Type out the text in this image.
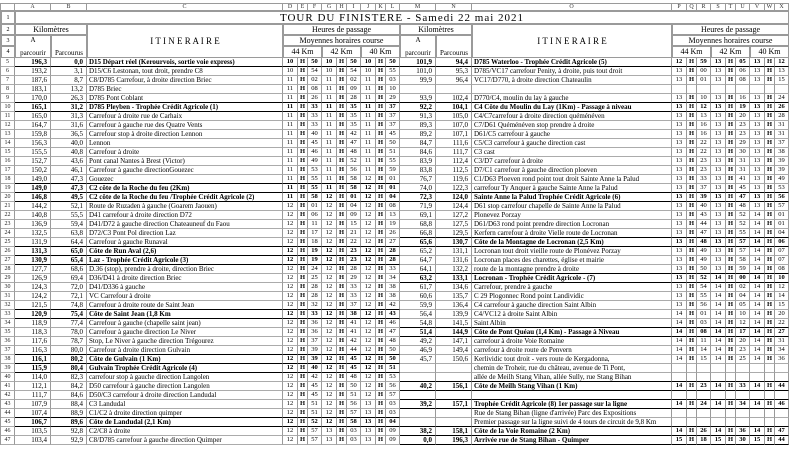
A	B	C	D	E	F	G	H	I	J	K	L	M	N	O	P	Q	R	S	T	U	V	W	X
1
2
3
4
TOUR DU FINISTERE - Samedi 22 mai 2021
Kilomètres
I T I N E R A I R E
Heures de passage
Moyennes horaires course
A
parcourir	Parcourus	44 Km	42 Km	40 Km
Kilomètres
I T I N E R A I R E
Heures de passage
Moyennes horaires course
A
parcourir	Parcourus	44 Km	42 Km	40 Km
5	196,3	0,0 D15 Départ réel (Kerourvois, sortie voie express)	10	H 50	10	H 50	10	H 50	101,9	94,4 D785 Waterloo - Trophée Crédit Agricole (5)	12	H 59	13	H 05	13	H 12
6	193,2	3,1 D15/C6 Lestonan, tout droit, prendre C8	10	H 54	10	H 54	10	H 55	101,0	95,3 D785/VC17 carrefour Penity, à droite, puis tout droit	13	H 00	13	H 06	13	H 13
7	187,6	8,7 C8/D785 Carrefour, à droite direction Briec	11	H 02	11	H 02	11	H 03	99,9	96,4 VC17/D770, à droite direction Chateaulin	13	H 01	13	H 08	13	H 15
8	183,1	13,2 D785 Briec	11	H 08	11	H 09	11	H 10
9	170,0	26,3 D785 Pont Coblant	11	H 26	11	H 28	11	H 29	93,9	102,4 D770/C4, moulin du lay à gauche	13	H 10	13	H 16	13	H 24
10	165,1	31,2 D785 Pleyben - Trophée Crédit Agricole (1)	11	H 33	11	H 35	11	H 37	92,2	104,1 C4 Côte du Moulin du Lay (1Km) - Passage à niveau	13	H 12	13	H 19	13	H 26
11	165,0	31,3 Carrefour à droite rue de Carhaix	11	H 33	11	H 35	11	H 37	91,3	105,0 C4/C7carrefour à droite direction quéménéven	13	H 13	13	H 20	13	H 28
12	164,7	31,6 Carrefour à gauche rue des Quatre Vents	11	H 33	11	H 35	11	H 37	89,3	107,0 C7/D61 Quéménéven stop prendre à droite	13	H 16	13	H 23	13	H 31
13	159,8	36,5 Carrefour stop à droite direction Lennon	11	H 40	11	H 42	11	H 45	89,2	107,1 D61/C5 carrefour à gauche	13	H 16	13	H 23	13	H 31
14	156,3	40,0 Lennon	11	H 45	11	H 47	11	H 50	84,7	111,6 C5/C3 carrefour à gauche direction cast	13	H 22	13	H 29	13	H 37
15	155,5	40,8 Carrefour à droite	11	H 46	11	H 48	11	H 51	84,6	111,7 C3 cast	13	H 22	13	H 30	13	H 38
16	152,7	43,6 Pont canal Nantes à Brest (Victor)	11	H 49	11	H 52	11	H 55	83,9	112,4 C3/D7 carrefour à droite	13	H 23	13	H 31	13	H 39
17	150,2	46,1 Carrefour à gauche directionGouezec	11	H 53	11	H 56	11	H 59	83,8	112,5 D7/C1 carrefour à gauche direction ploeven	13	H 23	13	H 31	13	H 39
18	149,0	47,3 Gouezec	11	H 55	11	H 58	12	H 01	76,7	119,6 C1/D63 Ploeven rond point tout droit Sainte Anne la Palud	13	H 33	13	H 41	13	H 49
19	149,0	47,3 C2 côte de la Roche du feu (2Km)	11	H 55	11	H 58	12	H 01	74,0	122,3 carrefour Ty Anquer à gauche Sainte Anne la Palud	13	H 37	13	H 45	13	H 53
20	146,8	49,5 C2 côte de la Roche du feu /Trophée Crédit Agricole (2)	11	H 58	12	H 01	12	H 04	72,3	124,0 Sainte Anne la Palud Trophée Crédit Agricole (6)	13	H 39	13	H 47	13	H 56
21	144,2	52,1 Route de Ruzaden à gauche (Goarem Jaouen)	12	H 01	12	H 04	12	H 08	71,9	124,4 D61 stop carrefour chapelle de Sainte Anne la Palud	13	H 40	13	H 48	13	H 57
22	140,8	55,5 D41 carrefour à droite direction D72	12	H 06	12	H 09	12	H 13	69,1	127,2 Plonevez Porzay	13	H 43	13	H 52	14	H 01
23	136,9	59,4 D41/D72 à gauche direction Chateauneuf du Faou	12	H 11	12	H 15	12	H 19	68,8	127,5 D61/D63 rond point prendre direction Locronan	13	H 44	13	H 52	14	H 01
24	132,5	63,8 D72/C3 Pont Pol direction Laz	12	H 17	12	H 21	12	H 26	66,8	129,5 Kerfern carrefour à droite Vielle route de Locronan	13	H 47	13	H 55	14	H 04
25	131,9	64,4 Carrefour à gauche Runaval	12	H 18	12	H 22	12	H 27	65,6	130,7 Côte de la Montagne de Locronan (2,5 Km)	13	H 48	13	H 57	14	H 06
26	131,3	65,0 Côte de Run Aval (2,6)	12	H 19	12	H 23	12	H 28	65,2	131,1 Locronan tout droit vieille route de Plonévez Porzay	13	H 49	13	H 57	14	H 07
27	130,9	65,4 Laz - Trophée Crédit Agricole (3)	12	H 19	12	H 23	12	H 28	64,7	131,6 Locronan places des charettes, église et mairie	13	H 49	13	H 58	14	H 07
28	127,7	68,6 D.36 (stop), prendre à droite, direction Briec	12	H 24	12	H 28	12	H 33	64,1	132,2 route de la montagne prendre à droite	13	H 50	13	H 59	14	H 08
29	126,9	69,4 D36/D41 à droite direction Briec	12	H 25	12	H 29	12	H 34	63,2	133,1 Locronan - Trophée Crédit Agricole - (7)	13	H 52	14	H 00	14	H 10
30	124,3	72,0 D41/D336 à gauche	12	H 28	12	H 33	12	H 38	61,7	134,6 Carrefour, prendre à gauche	13	H 54	14	H 02	14	H 12
31	124,2	72,1 VC Carrefour à droite	12	H 28	12	H 33	12	H 38	60,6	135,7 C 29 Plogonnec Rond point Landividic	13	H 55	14	H 04	14	H 14
32	121,5	74,8 Carrefour à droite route de Saint Jean	12	H 32	12	H 37	12	H 42	59,9	136,4 C4 carrefour à gauche direction Saint Albin	13	H 56	14	H 05	14	H 15
33	120,9	75,4 Côte de Saint Jean (1,8 Km	12	H 33	12	H 38	12	H 43	56,4	139,9 C4/VC12 à droite Saint Albin	14	H 01	14	H 10	14	H 20
34	118,9	77,4 Carrefour à gauche (chapelle saint jean)	12	H 36	12	H 41	12	H 46	54,8	141,5 Saint Albin	14	H 03	14	H 12	14	H 22
35	118,3	78,0 Carrefour à gauche direction Le Niver	12	H 36	12	H 41	12	H 47	51,4	144,9 Côte de Pont Quéau (1,4 Km) - Passage à Niveau	14	H 08	14	H 17	14	H 27
36	117,6	78,7 Stop, Le Niver à gauche direction Trégourez	12	H 37	12	H 42	12	H 48	49,2	147,1 carrefour à droite Voie Romaine	14	H 11	14	H 20	14	H 31
37	116,3	80,0 Carrefour à droite direction Gulvain	12	H 39	12	H 44	12	H 50	46,9	149,4 carrefour à droite route de Penvern	14	H 14	14	H 23	14	H 34
38	116,1	80,2 Côte de Gulvain (1 Km)	12	H 39	12	H 45	12	H 50	45,7	150,6 Kerlividic tout droit - vers route de Kergadonna,	14	H 15	14	H 25	14	H 36
39	115,9	80,4 Gulvain Trophée Crédit Agricole (4)	12	H 40	12	H 45	12	H 51	chemin de Troheir, rue du château, avenue de Ti Pont,
40	114,0	82,3 carrefour stop à gauche direction Langolen	12	H 42	12	H 48	12	H 53	allée de Meilh Stang Vihan, allée Sully, rue Stang Bihan
41	112,1	84,2 D50 carrefour à gauche direction Langolen	12	H 45	12	H 50	12	H 56	40,2	156,1 Côte de Meilh Stang Vihan (1 Km)	14	H 23	14	H 33	14	H 44
42	111,7	84,6 D50/C3 carrefour à droite direction Landudal	12	H 45	12	H 51	12	H 57
43	107,9	88,4 C3 Landudal	12	H 51	12	H 56	13	H 03	39,2	157,1 Trophée Crédit Agricole (8) 1er passage sur la ligne	14	H 24	14	H 34	14	H 46
44	107,4	88,9 C1/C2 à droite direction quimper	12	H 51	12	H 57	13	H 03	Rue de Stang Bihan (ligne d'arrivée) Parc des Expositions
45	106,7	89,6 Côte de Landudal (2,1 Km)	12	H 52	12	H 58	13	H 04	Premier passage sur la ligne suivi de 4 tours de circuit de 9,8 Km
46	103,5	92,8 C2/C8 à droite	12	H 57	13	H 03	13	H 09	38,2	158,1 Côte de la Voie Romaine (2 Km)	14	H 26	14	H 36	14	H 47
47	103,4	92,9 C8/D785 carrefour à gauche direction Quimper	12	H 57	13	H 03	13	H 09	0,0	196,3 Arrivée rue de Stang Bihan - Quimper	15	H 18	15	H 30	15	H 44
